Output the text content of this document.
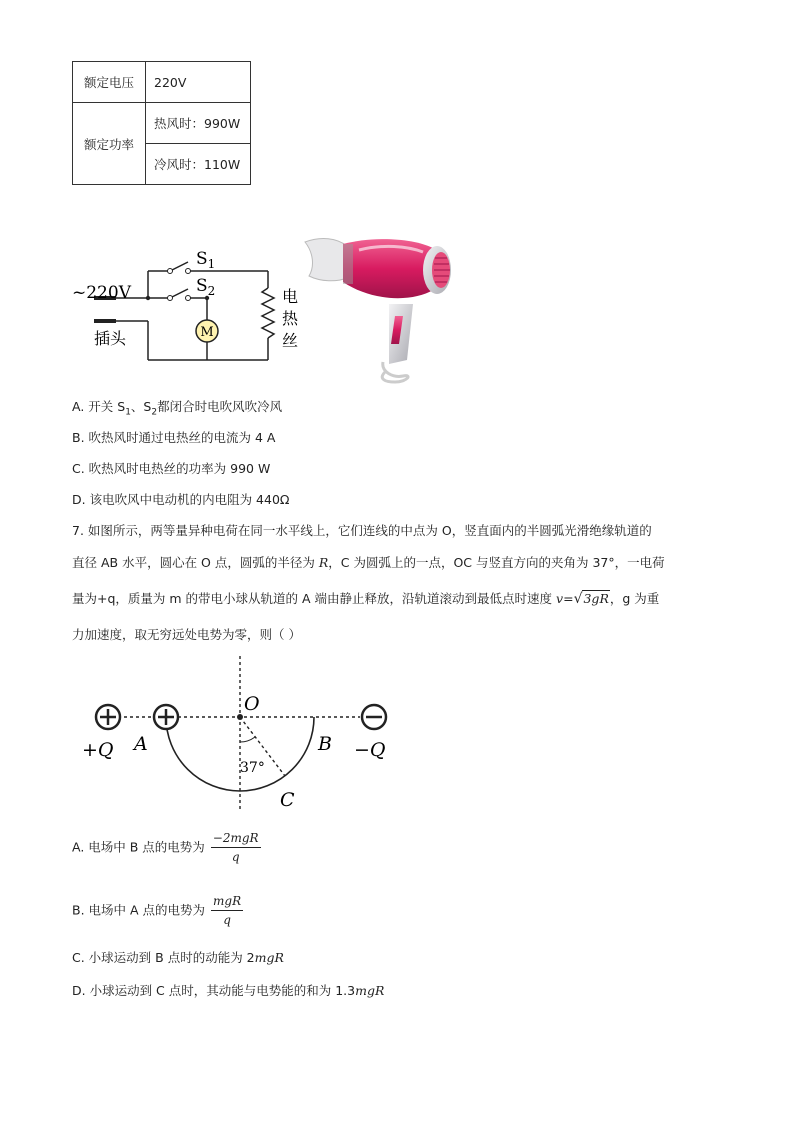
额定电压	220V
额定功率	热风时：990W
	冷风时：110W
M
~220V
插头
$S_1$
$S_2$	电
热
丝
A. 开关 $S_1$、$S_2$都闭合时电吹风吹冷风
B. 吹热风时通过电热丝的电流为 4 A
C. 吹热风时电热丝的功率为 990 W
D. 该电吹风中电动机的内电阻为 440Ω
7. 如图所示，两等量异种电荷在同一水平线上，它们连线的中点为 O，竖直面内的半圆弧光滑绝缘轨道的
直径 AB 水平，圆心在 O 点，圆弧的半径为 R，C 为圆弧上的一点，OC 与竖直方向的夹角为 37°，一电荷
量为+q，质量为 m 的带电小球从轨道的 A 端由静止释放，沿轨道滚动到最低点时速度 v=√3gR，g 为重
力加速度，取无穷远处电势为零，则（ ）
O
A	B
C
+Q	−Q
37°
A. 电场中 B 点的电势为 $\frac{\text{−2mgR}}{q}$
B. 电场中 A 点的电势为 $\frac{\text{mgR}}{q}$
C. 小球运动到 B 点时的动能为 2mgR
D. 小球运动到 C 点时，其动能与电势能的和为 1.3mgR
